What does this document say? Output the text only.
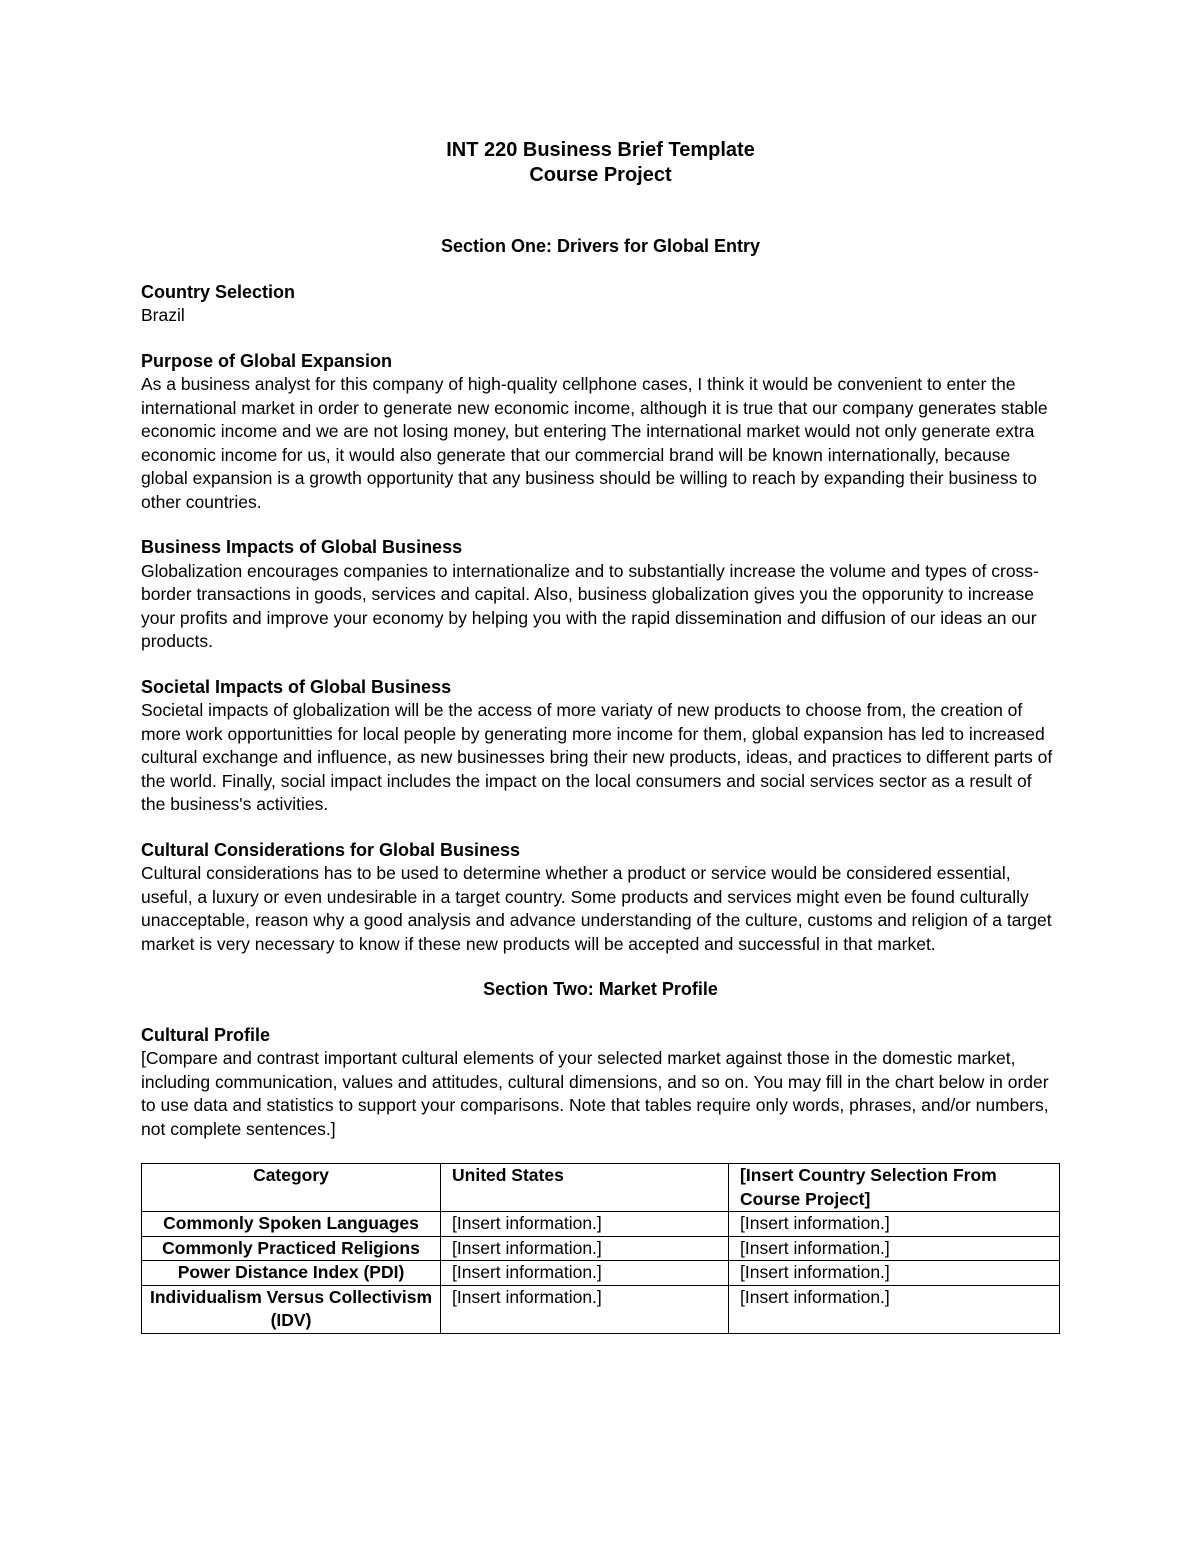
INT 220 Business Brief Template

Course Project

Section One: Drivers for Global Entry

Country Selection

Brazil

Purpose of Global Expansion

As a business analyst for this company of high-quality cellphone cases, I think it would be convenient to enter the international market in order to generate new economic income, although it is true that our company generates stable economic income and we are not losing money, but entering The international market would not only generate extra economic income for us, it would also generate that our commercial brand will be known internationally, because global expansion is a growth opportunity that any business should be willing to reach by expanding their business to other countries.

Business Impacts of Global Business

Globalization encourages companies to internationalize and to substantially increase the volume and types of cross- border transactions in goods, services and capital. Also, business globalization gives you the opporunity to increase your profits and improve your economy by helping you with the rapid dissemination and diffusion of our ideas an our products.

Societal Impacts of Global Business

Societal impacts of globalization will be the access of more variaty of new products to choose from, the creation of more work opportunitties for local people by generating more income for them, global expansion has led to increased cultural exchange and influence, as new businesses bring their new products, ideas, and practices to different parts of the world. Finally, social impact includes the impact on the local consumers and social services sector as a result of the business's activities.

Cultural Considerations for Global Business

Cultural considerations has to be used to determine whether a product or service would be considered essential, useful, a luxury or even undesirable in a target country. Some products and services might even be found culturally unacceptable, reason why a good analysis and advance understanding of the culture, customs and religion of a target market is very necessary to know if these new products will be accepted and successful in that market.

Section Two: Market Profile

Cultural Profile

[Compare and contrast important cultural elements of your selected market against those in the domestic market, including communication, values and attitudes, cultural dimensions, and so on. You may fill in the chart below in order to use data and statistics to support your comparisons. Note that tables require only words, phrases, and/or numbers, not complete sentences.]

Category	United States	[Insert Country Selection From Course Project]
Commonly Spoken Languages	[Insert information.]	[Insert information.]
Commonly Practiced Religions	[Insert information.]	[Insert information.]
Power Distance Index (PDI)	[Insert information.]	[Insert information.]
Individualism Versus Collectivism (IDV)	[Insert information.]	[Insert information.]
